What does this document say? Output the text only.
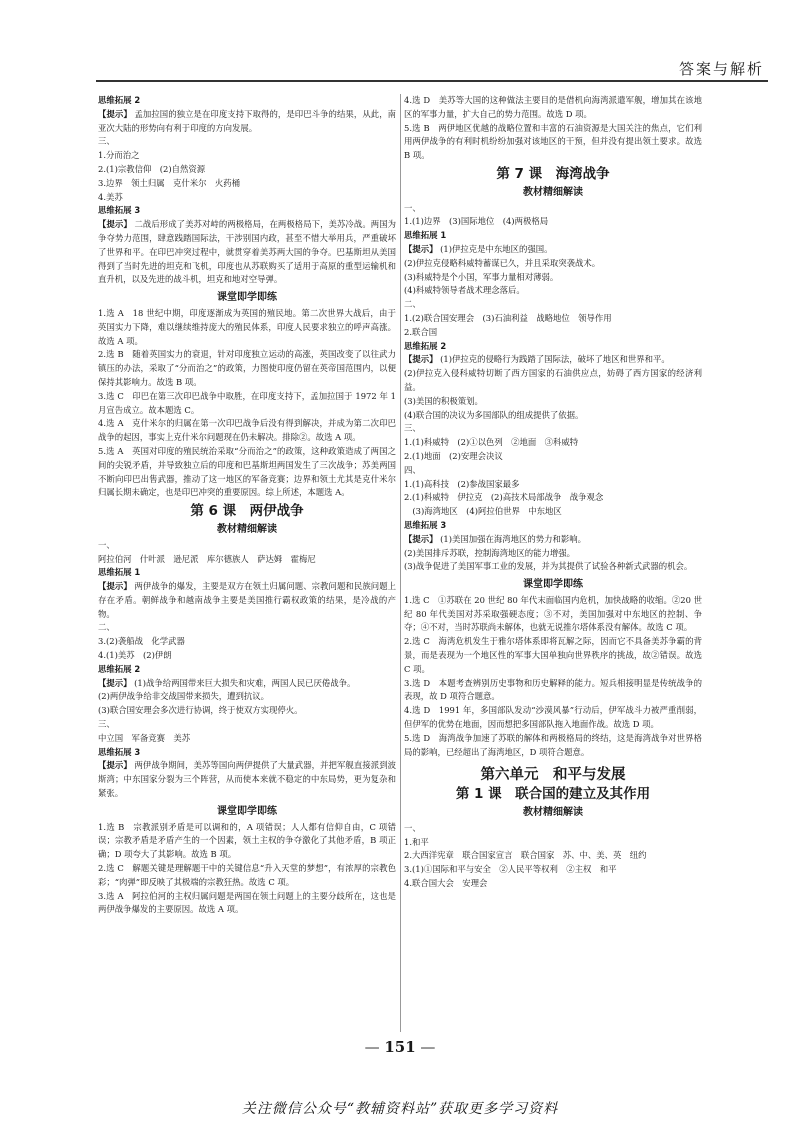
答案与解析
思维拓展 2
【提示】 孟加拉国的独立是在印度支持下取得的，是印巴斗争的结果，从此，南亚次大陆的形势向有利于印度的方向发展。
三、
1.分而治之
2.(1)宗教信仰　(2)自然资源
3.边界　领土归属　克什米尔　火药桶
4.美苏
思维拓展 3
【提示】 二战后形成了美苏对峙的两极格局，在两极格局下，美苏冷战。两国为争夺势力范围，肆意践踏国际法，干涉别国内政，甚至不惜大举用兵，严重破坏了世界和平。在印巴冲突过程中，就贯穿着美苏两大国的争夺。巴基斯坦从美国得到了当时先进的坦克和飞机，印度也从苏联购买了适用于高原的重型运输机和直升机，以及先进的战斗机，坦克和地对空导弹。
课堂即学即练
1.选 A　18 世纪中期，印度逐渐成为英国的殖民地。第二次世界大战后，由于英国实力下降，难以继续维持庞大的殖民体系，印度人民要求独立的呼声高涨。故选 A 项。
2.选 B　随着英国实力的衰退，针对印度独立运动的高涨，英国改变了以往武力镇压的办法，采取了“分而治之”的政策，力图使印度仍留在英帝国范围内，以便保持其影响力。故选 B 项。
3.选 C　印巴在第三次印巴战争中取胜，在印度支持下，孟加拉国于 1972 年 1 月宣告成立。故本题选 C。
4.选 A　克什米尔的归属在第一次印巴战争后没有得到解决，并成为第二次印巴战争的起因，事实上克什米尔问题现在仍未解决。排除②。故选 A 项。
5.选 A　英国对印度的殖民统治采取“分而治之”的政策，这种政策造成了两国之间的尖锐矛盾，并导致独立后的印度和巴基斯坦两国发生了三次战争；苏美两国不断向印巴出售武器，推动了这一地区的军备竞赛；边界和领土尤其是克什米尔归属长期未确定，也是印巴冲突的重要原因。综上所述，本题选 A。
第 6 课　两伊战争
教材精细解读
一、
阿拉伯河　什叶派　逊尼派　库尔德族人　萨达姆　霍梅尼
思维拓展 1
【提示】 两伊战争的爆发，主要是双方在领土归属问题、宗教问题和民族问题上存在矛盾。朝鲜战争和越南战争主要是美国推行霸权政策的结果，是冷战的产物。
二、
3.(2)袭船战　化学武器
4.(1)美苏　(2)伊朗
思维拓展 2
【提示】 (1)战争给两国带来巨大损失和灾难，两国人民已厌倦战争。
(2)两伊战争给非交战国带来损失，遭到抗议。
(3)联合国安理会多次进行协调，终于使双方实现停火。
三、
中立国　军备竞赛　美苏
思维拓展 3
【提示】 两伊战争期间，美苏等国向两伊提供了大量武器，并把军舰直接派到波斯湾；中东国家分裂为三个阵营，从而使本来就不稳定的中东局势，更为复杂和紧张。
课堂即学即练
1.选 B　宗教派别矛盾是可以调和的，A 项错误；人人都有信仰自由，C 项错误；宗教矛盾是矛盾产生的一个因素，领土主权的争夺激化了其他矛盾，B 项正确；D 项夸大了其影响。故选 B 项。
2.选 C　解题关键是理解题干中的关键信息“升入天堂的梦想”，有浓厚的宗教色彩；“肉弹”即反映了其极端的宗教狂热。故选 C 项。
3.选 A　阿拉伯河的主权归属问题是两国在领土问题上的主要分歧所在，这也是两伊战争爆发的主要原因。故选 A 项。
4.选 D　美苏等大国的这种做法主要目的是借机向海湾派遣军舰，增加其在该地区的军事力量，扩大自己的势力范围。故选 D 项。
5.选 B　两伊地区优越的战略位置和丰富的石油资源是大国关注的焦点，它们利用两伊战争的有利时机纷纷加强对该地区的干预，但并没有提出领土要求。故选 B 项。
第 7 课　海湾战争
教材精细解读
一、
1.(1)边界　(3)国际地位　(4)两极格局
思维拓展 1
【提示】 (1)伊拉克是中东地区的强国。
(2)伊拉克侵略科威特蓄谋已久，并且采取突袭战术。
(3)科威特是个小国，军事力量相对薄弱。
(4)科威特领导者战术理念落后。
二、
1.(2)联合国安理会　(3)石油利益　战略地位　领导作用
2.联合国
思维拓展 2
【提示】 (1)伊拉克的侵略行为践踏了国际法，破坏了地区和世界和平。
(2)伊拉克入侵科威特切断了西方国家的石油供应点，妨碍了西方国家的经济利益。
(3)美国的积极策划。
(4)联合国的决议为多国部队的组成提供了依据。
三、
1.(1)科威特　(2)①以色列　②地面　③科威特
2.(1)地面　(2)安理会决议
四、
1.(1)高科技　(2)参战国家最多
2.(1)科威特　伊拉克　(2)高技术局部战争　战争观念
　(3)海湾地区　(4)阿拉伯世界　中东地区
思维拓展 3
【提示】 (1)美国加强在海湾地区的势力和影响。
(2)美国排斥苏联，控制海湾地区的能力增强。
(3)战争促进了美国军事工业的发展，并为其提供了试验各种新式武器的机会。
课堂即学即练
1.选 C　①苏联在 20 世纪 80 年代末面临国内危机，加快战略的收缩。②20 世纪 80 年代美国对苏采取强硬态度；③不对，美国加强对中东地区的控制、争夺；④不对，当时苏联尚未解体，也就无说推尔塔体系没有解体。故选 C 项。
2.选 C　海湾危机发生于雅尔塔体系即将瓦解之际，因而它不具备美苏争霸的背景，而是表现为一个地区性的军事大国单独向世界秩序的挑战，故②错误。故选 C 项。
3.选 D　本题考查辨别历史事物和历史解释的能力。短兵相接明显是传统战争的表现，故 D 项符合题意。
4.选 D　1991 年，多国部队发动“沙漠风暴”行动后，伊军战斗力被严重削弱，但伊军的优势在地面，因而想把多国部队拖入地面作战。故选 D 项。
5.选 D　海湾战争加速了苏联的解体和两极格局的终结，这是海湾战争对世界格局的影响，已经超出了海湾地区，D 项符合题意。
第六单元　和平与发展
第 1 课　联合国的建立及其作用
教材精细解读
一、
1.和平
2.大西洋宪章　联合国家宣言　联合国家　苏、中、美、英　纽约
3.(1)①国际和平与安全　②人民平等权利　②主权　和平
4.联合国大会　安理会
— 151 —
关注微信公众号“教辅资料站”获取更多学习资料
